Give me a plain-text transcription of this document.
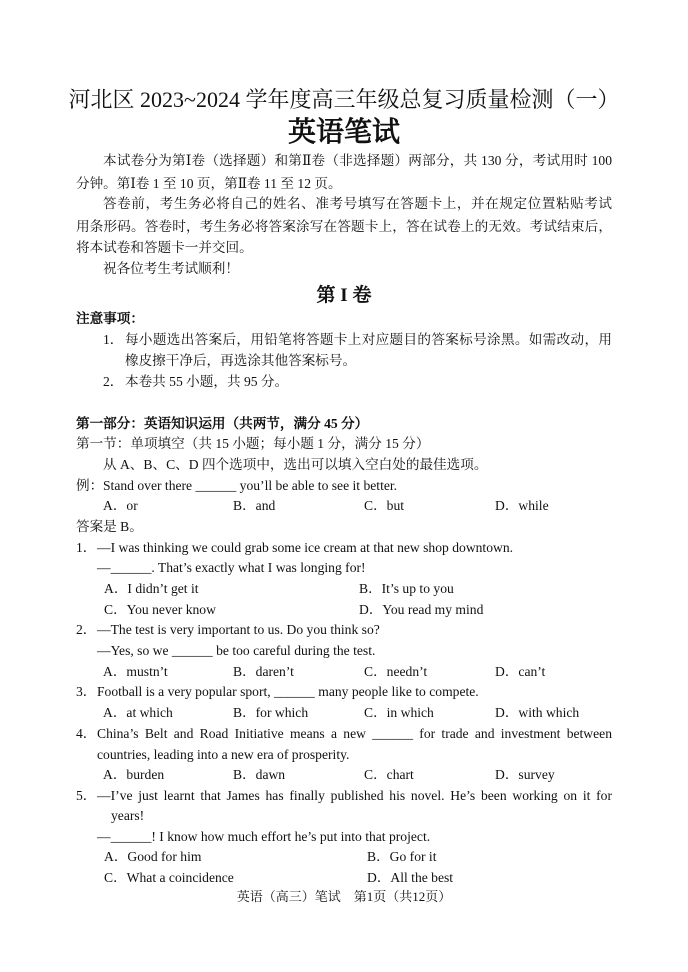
河北区 2023~2024 学年度高三年级总复习质量检测（一）
英语笔试
本试卷分为第Ⅰ卷（选择题）和第Ⅱ卷（非选择题）两部分，共 130 分，考试用时 100
分钟。第Ⅰ卷 1 至 10 页，第Ⅱ卷 11 至 12 页。
答卷前，考生务必将自己的姓名、准考号填写在答题卡上，并在规定位置粘贴考试
用条形码。答卷时，考生务必将答案涂写在答题卡上，答在试卷上的无效。考试结束后，
将本试卷和答题卡一并交回。
祝各位考生考试顺利！
第 I 卷
注意事项：
1． 每小题选出答案后，用铅笔将答题卡上对应题目的答案标号涂黑。如需改动，用
橡皮擦干净后，再选涂其他答案标号。
2． 本卷共 55 小题，共 95 分。
第一部分：英语知识运用（共两节，满分 45 分）
第一节：单项填空（共 15 小题；每小题 1 分，满分 15 分）
从 A、B、C、D 四个选项中，选出可以填入空白处的最佳选项。
例： Stand over there ______ you’ll be able to see it better.
A．or	B．and	C．but	D．while
答案是 B。
1． —I was thinking we could grab some ice cream at that new shop downtown.
—______. That’s exactly what I was longing for!
A．I didn’t get it	B．It’s up to you
C．You never know	D．You read my mind
2． —The test is very important to us. Do you think so?
—Yes, so we ______ be too careful during the test.
A．mustn’t	B．daren’t	C．needn’t	D．can’t
3． Football is a very popular sport, ______ many people like to compete.
A．at which	B．for which	C．in which	D．with which
4． China’s Belt and Road Initiative means a new ______ for trade and investment between
countries, leading into a new era of prosperity.
A．burden	B．dawn	C．chart	D．survey
5． —I’ve just learnt that James has finally published his novel. He’s been working on it for
years!
—______! I know how much effort he’s put into that project.
A．Good for him	B．Go for it
C．What a coincidence	D．All the best
英语（高三）笔试　第1页（共12页）
